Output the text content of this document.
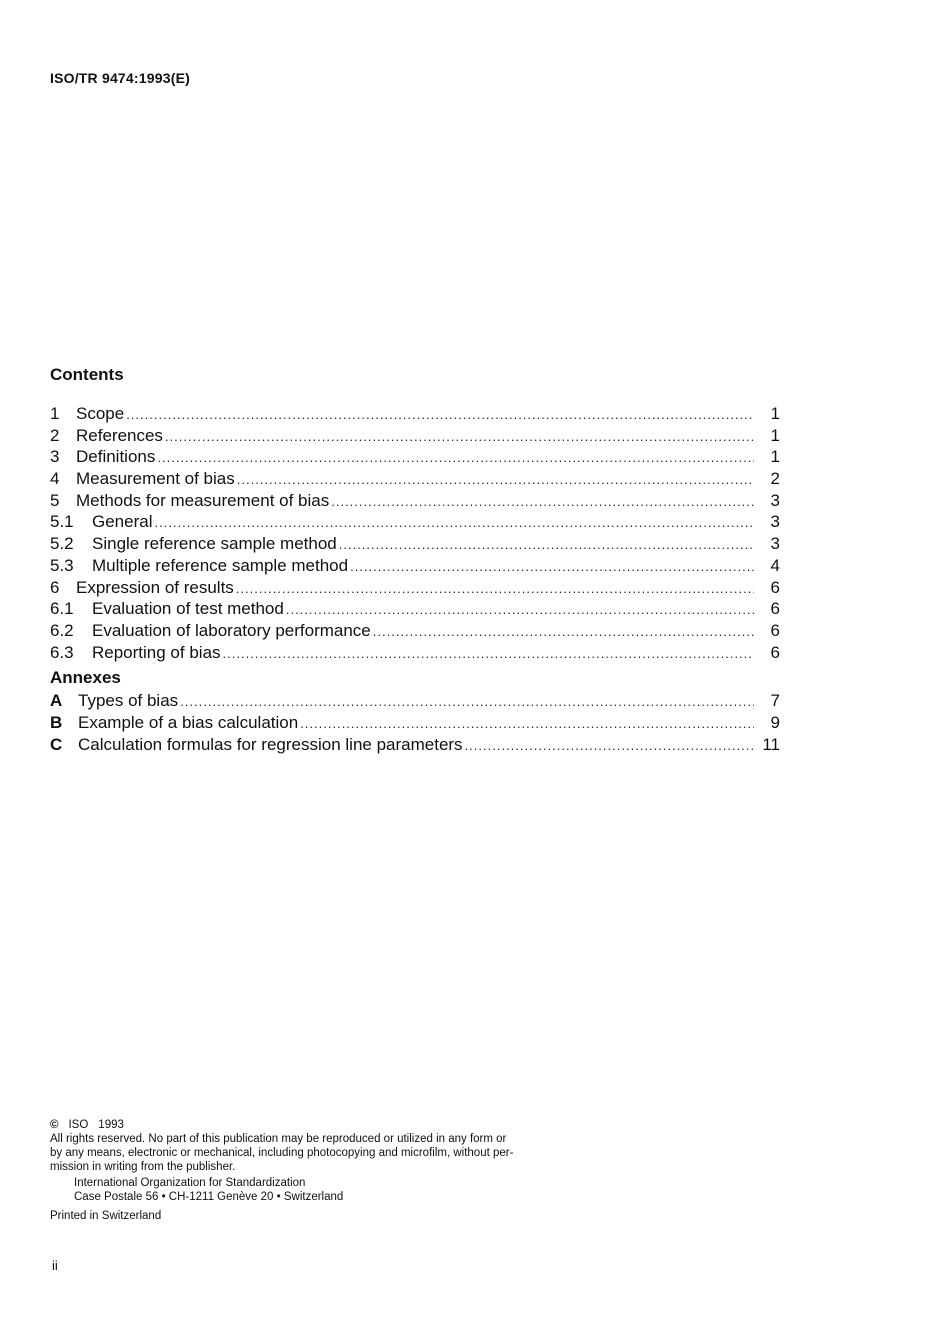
ISO/TR 9474:1993(E)
Contents
1 Scope .....	1
2 References .....	1
3 Definitions .....	1
4 Measurement of bias .....	2
5 Methods for measurement of bias .....	3
5.1	General .....	3
5.2	Single reference sample method .....	3
5.3	Multiple reference sample method .....	4
6 Expression of results .....	6
6.1	Evaluation of test method .....	6
6.2	Evaluation of laboratory performance .....	6
6.3	Reporting of bias .....	6
Annexes
A Types of bias .....	7
B Example of a bias calculation .....	9
C Calculation formulas for regression line parameters .....	11
© ISO 1993
All rights reserved. No part of this publication may be reproduced or utilized in any form or
by any means, electronic or mechanical, including photocopying and microfilm, without per-
mission in writing from the publisher.
International Organization for Standardization
Case Postale 56 • CH-1211 Genève 20 • Switzerland
Printed in Switzerland
ii
